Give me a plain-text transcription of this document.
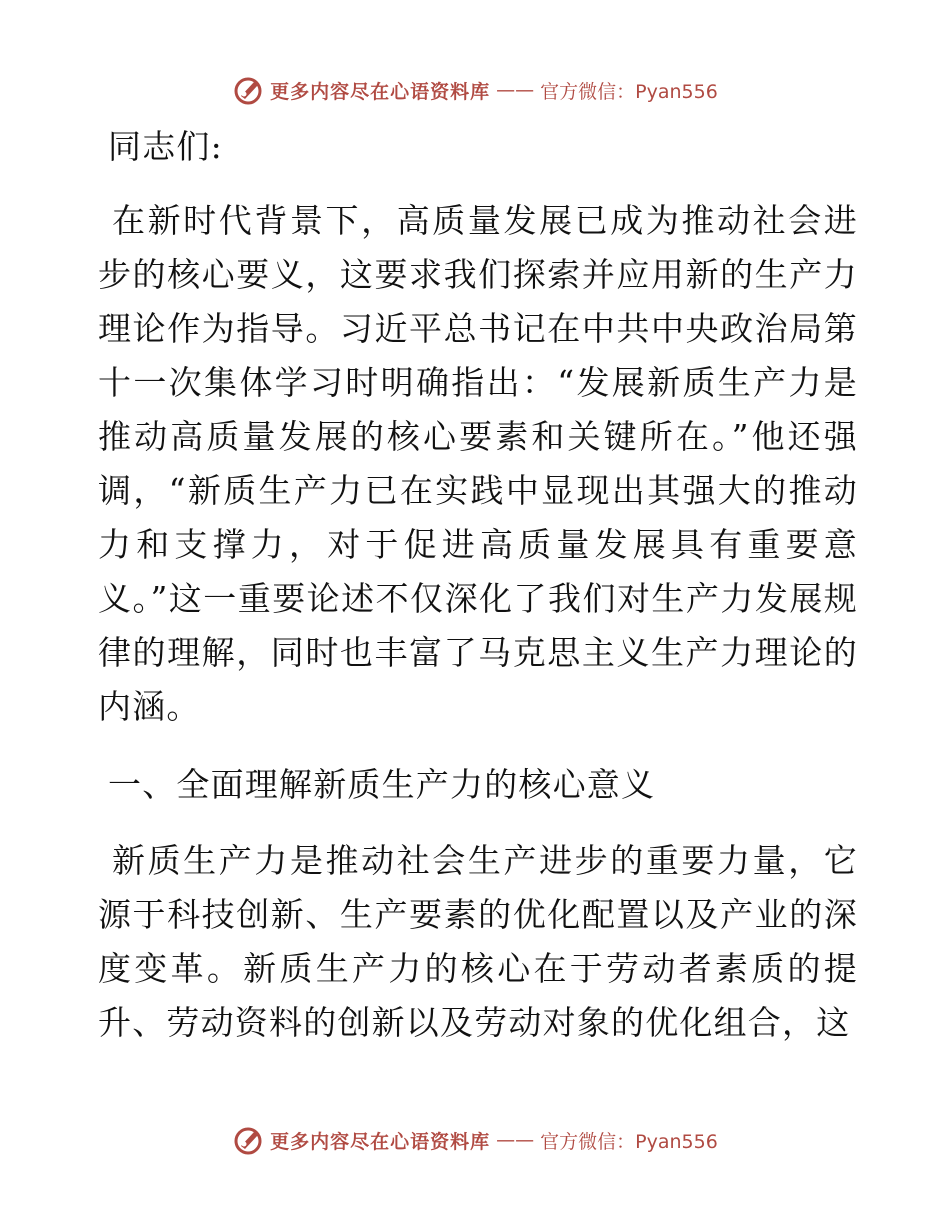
更多内容尽在心语资料库 —— 官方微信：Pyan556

同志们:

在新时代背景下，高质量发展已成为推动社会进步的核心要义，这要求我们探索并应用新的生产力理论作为指导。习近平总书记在中共中央政治局第十一次集体学习时明确指出：“发展新质生产力是推动高质量发展的核心要素和关键所在。”他还强调，“新质生产力已在实践中显现出其强大的推动力和支撑力，对于促进高质量发展具有重要意义。”这一重要论述不仅深化了我们对生产力发展规律的理解，同时也丰富了马克思主义生产力理论的内涵。

一、全面理解新质生产力的核心意义

新质生产力是推动社会生产进步的重要力量，它源于科技创新、生产要素的优化配置以及产业的深度变革。新质生产力的核心在于劳动者素质的提升、劳动资料的创新以及劳动对象的优化组合，这

更多内容尽在心语资料库 —— 官方微信：Pyan556
